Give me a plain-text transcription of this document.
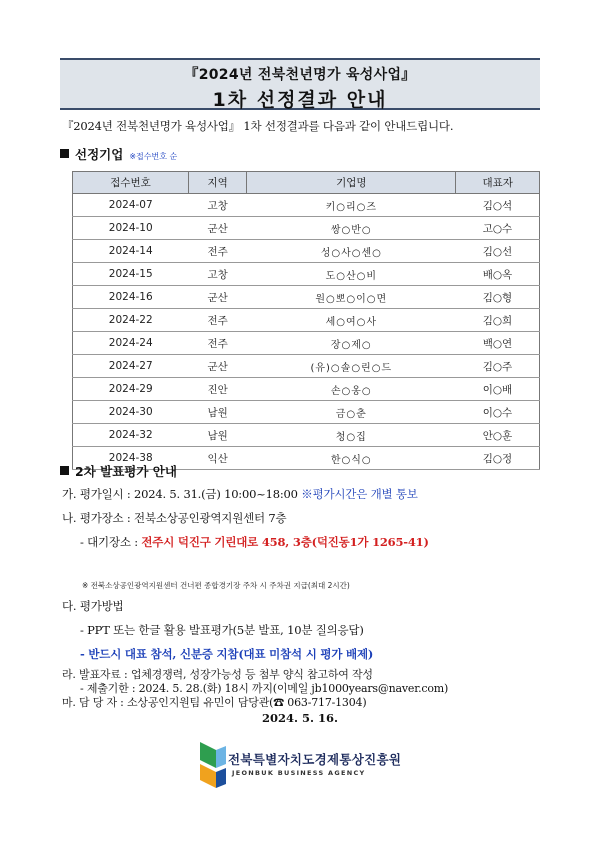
『2024년 전북천년명가 육성사업』
1차 선정결과 안내
『2024년 전북천년명가 육성사업』 1차 선정결과를 다음과 같이 안내드립니다.
선정기업 ※접수번호 순
접수번호	지역	기업명	대표자
2024-07	고창	키○리○즈	김○석
2024-10	군산	쌍○반○	고○수
2024-14	전주	성○사○센○	김○선
2024-15	고창	도○산○비	배○옥
2024-16	군산	원○뽀○이○면	김○형
2024-22	전주	세○여○사	김○희
2024-24	전주	장○제○	백○연
2024-27	군산	(유)○솔○린○드	김○주
2024-29	진안	손○옹○	이○배
2024-30	남원	금○춘	이○수
2024-32	남원	청○집	안○훈
2024-38	익산	한○식○	김○정
2차 발표평가 안내
가. 평가일시 : 2024. 5. 31.(금) 10:00~18:00 ※평가시간은 개별 통보
나. 평가장소 : 전북소상공인광역지원센터 7층
- 대기장소 : 전주시 덕진구 기린대로 458, 3층(덕진동1가 1265-41)
※ 전북소상공인광역지원센터 건너편 종합경기장 주차 시 주차권 지급(최대 2시간)
다. 평가방법
- PPT 또는 한글 활용 발표평가(5분 발표, 10분 질의응답)
- 반드시 대표 참석, 신분증 지참(대표 미참석 시 평가 배제)
라. 발표자료 : 업체경쟁력, 성장가능성 등 첨부 양식 참고하여 작성
- 제출기한 : 2024. 5. 28.(화) 18시 까지(이메일 jb1000years@naver.com)
2024. 5. 16.
전북특별자치도경제통상진흥원
JEONBUK BUSINESS AGENCY
마. 담 당 자 : 소상공인지원팀 유민이 담당관(☎ 063-717-1304)
